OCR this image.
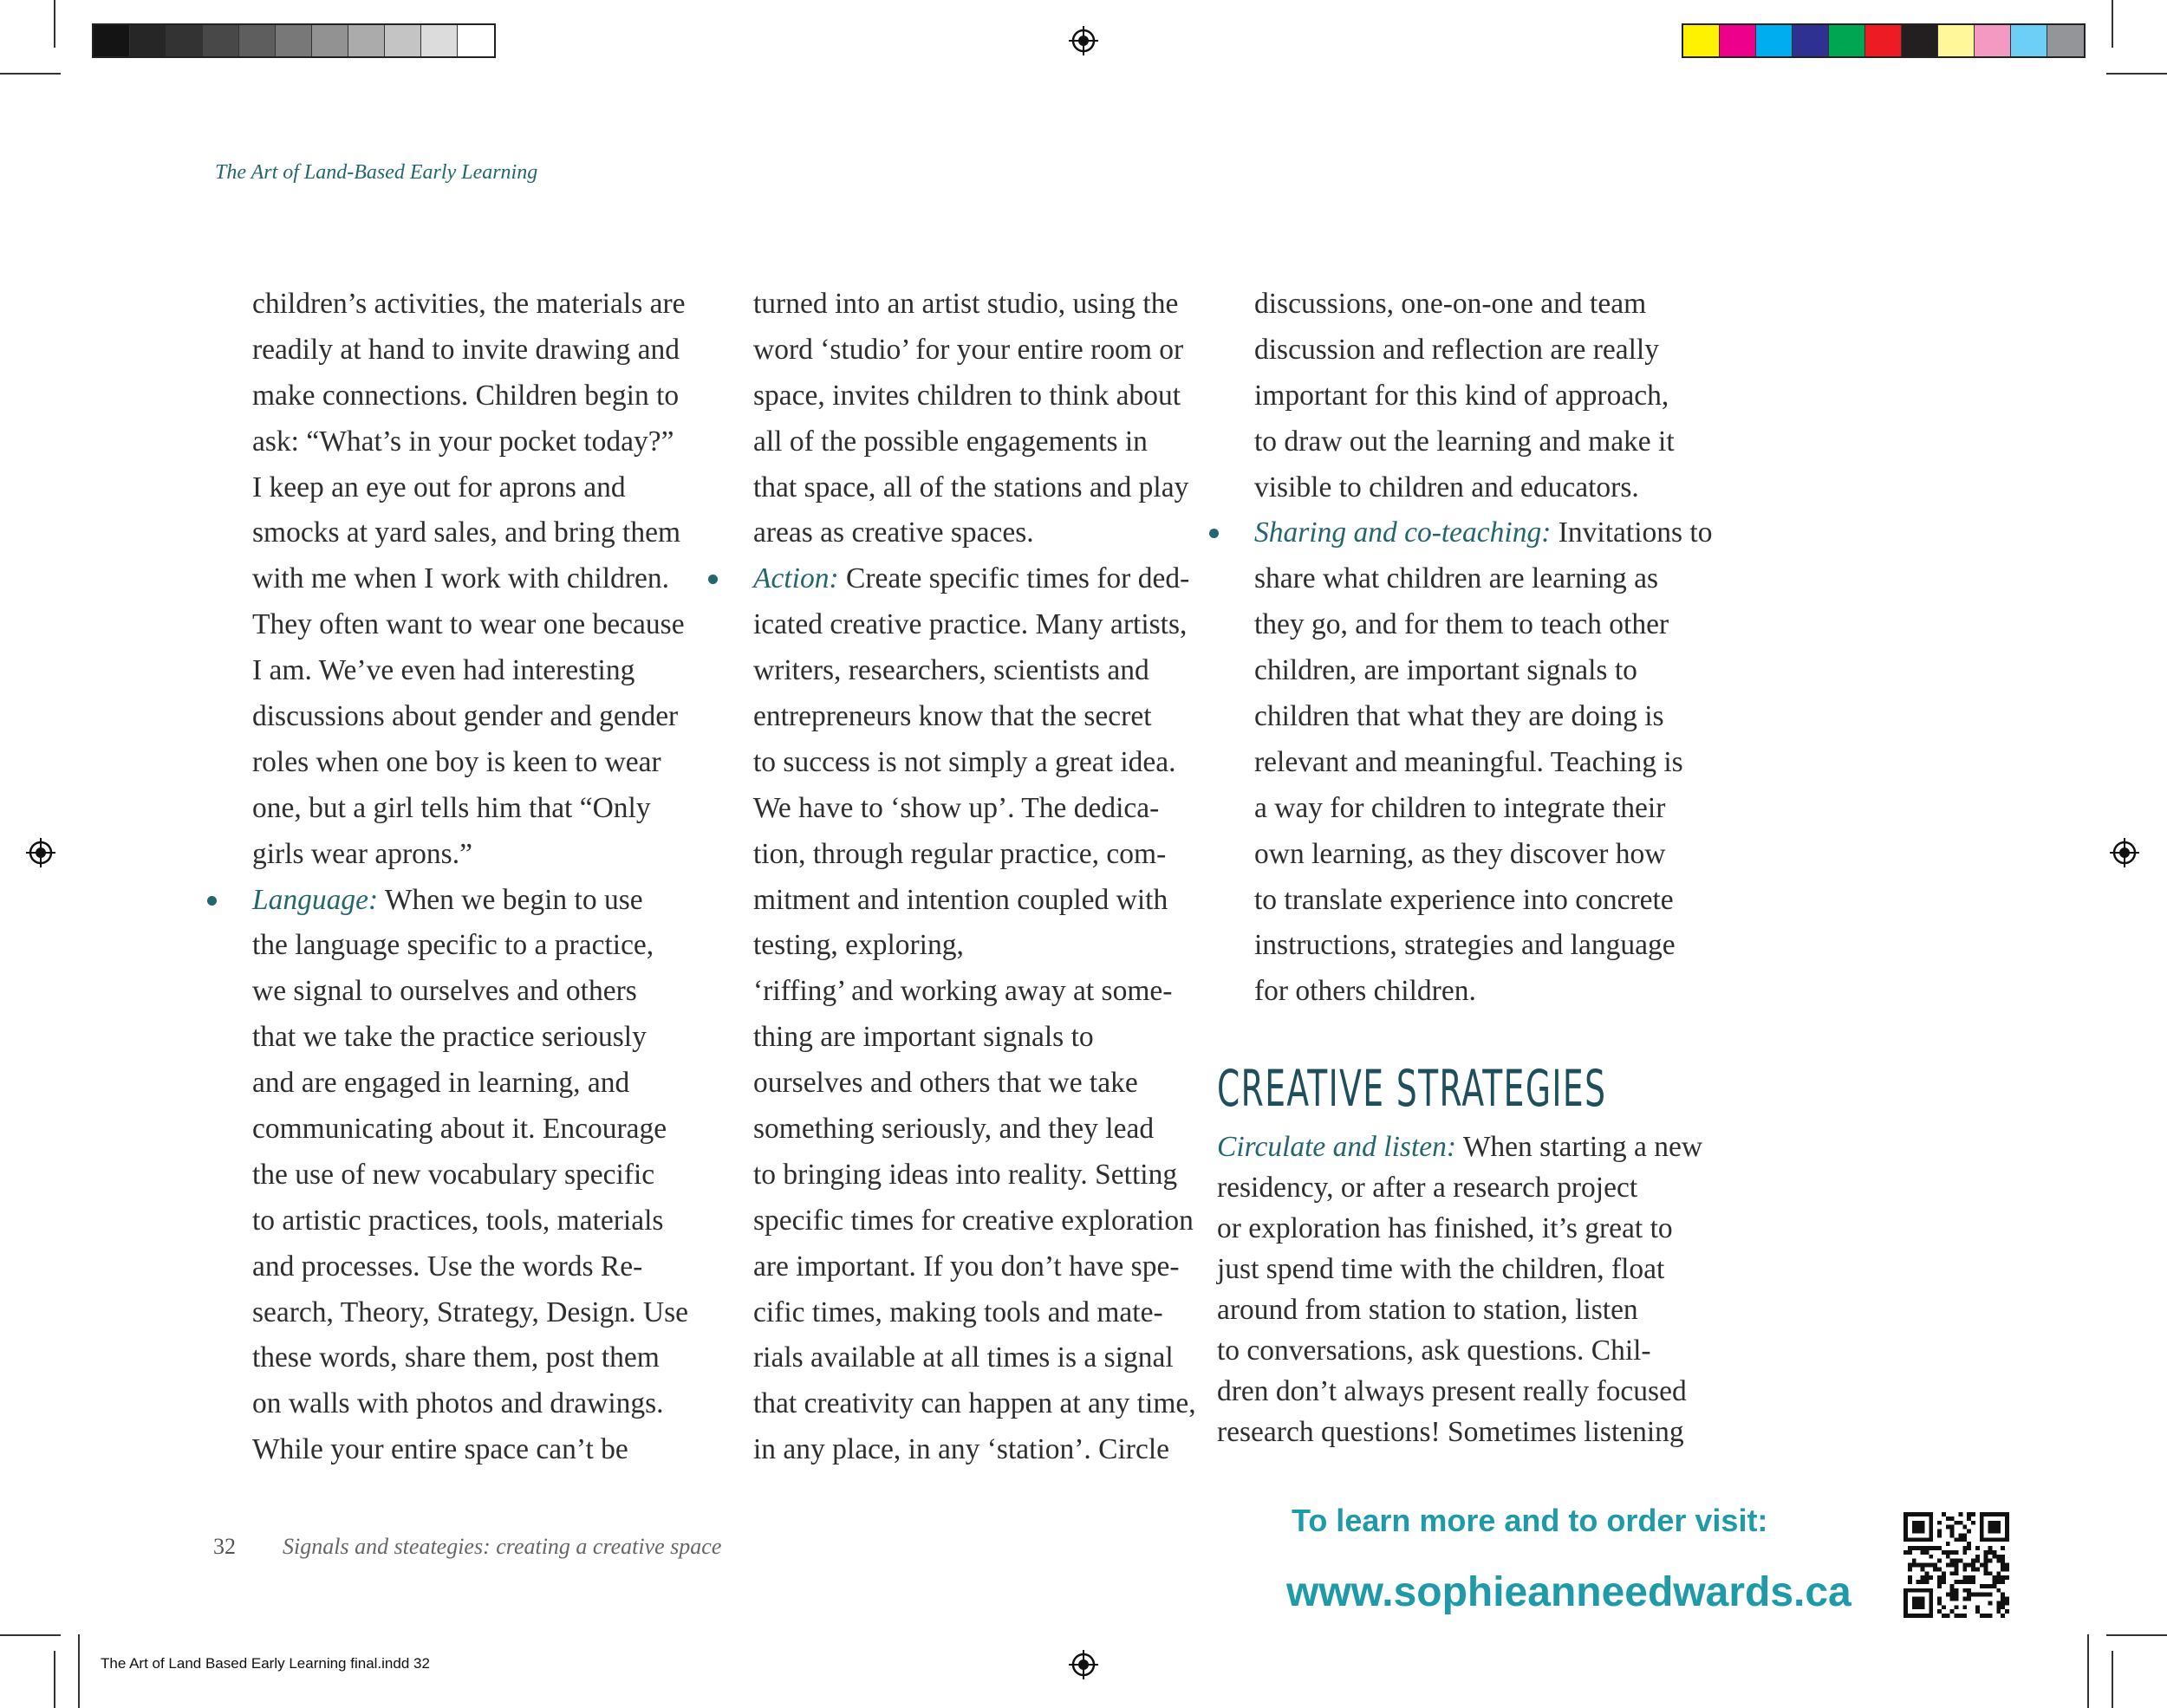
The Art of Land-Based Early Learning
children’s activities, the materials are
readily at hand to invite drawing and
make connections. Children begin to
ask: “What’s in your pocket today?”
I keep an eye out for aprons and
smocks at yard sales, and bring them
with me when I work with children.
They often want to wear one because
I am. We’ve even had interesting
discussions about gender and gender
roles when one boy is keen to wear
one, but a girl tells him that “Only
girls wear aprons.”
Language: When we begin to use
the language specific to a practice,
we signal to ourselves and others
that we take the practice seriously
and are engaged in learning, and
communicating about it. Encourage
the use of new vocabulary specific
to artistic practices, tools, materials
and processes. Use the words Re-
search, Theory, Strategy, Design. Use
these words, share them, post them
on walls with photos and drawings.
While your entire space can’t be
turned into an artist studio, using the
word ‘studio’ for your entire room or
space, invites children to think about
all of the possible engagements in
that space, all of the stations and play
areas as creative spaces.
Action: Create specific times for ded-
icated creative practice. Many artists,
writers, researchers, scientists and
entrepreneurs know that the secret
to success is not simply a great idea.
We have to ‘show up’. The dedica-
tion, through regular practice, com-
mitment and intention coupled with
testing, exploring,
‘riffing’ and working away at some-
thing are important signals to
ourselves and others that we take
something seriously, and they lead
to bringing ideas into reality. Setting
specific times for creative exploration
are important. If you don’t have spe-
cific times, making tools and mate-
rials available at all times is a signal
that creativity can happen at any time,
in any place, in any ‘station’. Circle
discussions, one-on-one and team
discussion and reflection are really
important for this kind of approach,
to draw out the learning and make it
visible to children and educators.
Sharing and co-teaching: Invitations to
share what children are learning as
they go, and for them to teach other
children, are important signals to
children that what they are doing is
relevant and meaningful. Teaching is
a way for children to integrate their
own learning, as they discover how
to translate experience into concrete
instructions, strategies and language
for others children.
CREATIVE STRATEGIES
Circulate and listen: When starting a new
residency, or after a research project
or exploration has finished, it’s great to
just spend time with the children, float
around from station to station, listen
to conversations, ask questions. Chil-
dren don’t always present really focused
research questions! Sometimes listening
32 Signals and steategies: creating a creative space
To learn more and to order visit:
www.sophieanneedwards.ca
The Art of Land Based Early Learning final.indd 32
